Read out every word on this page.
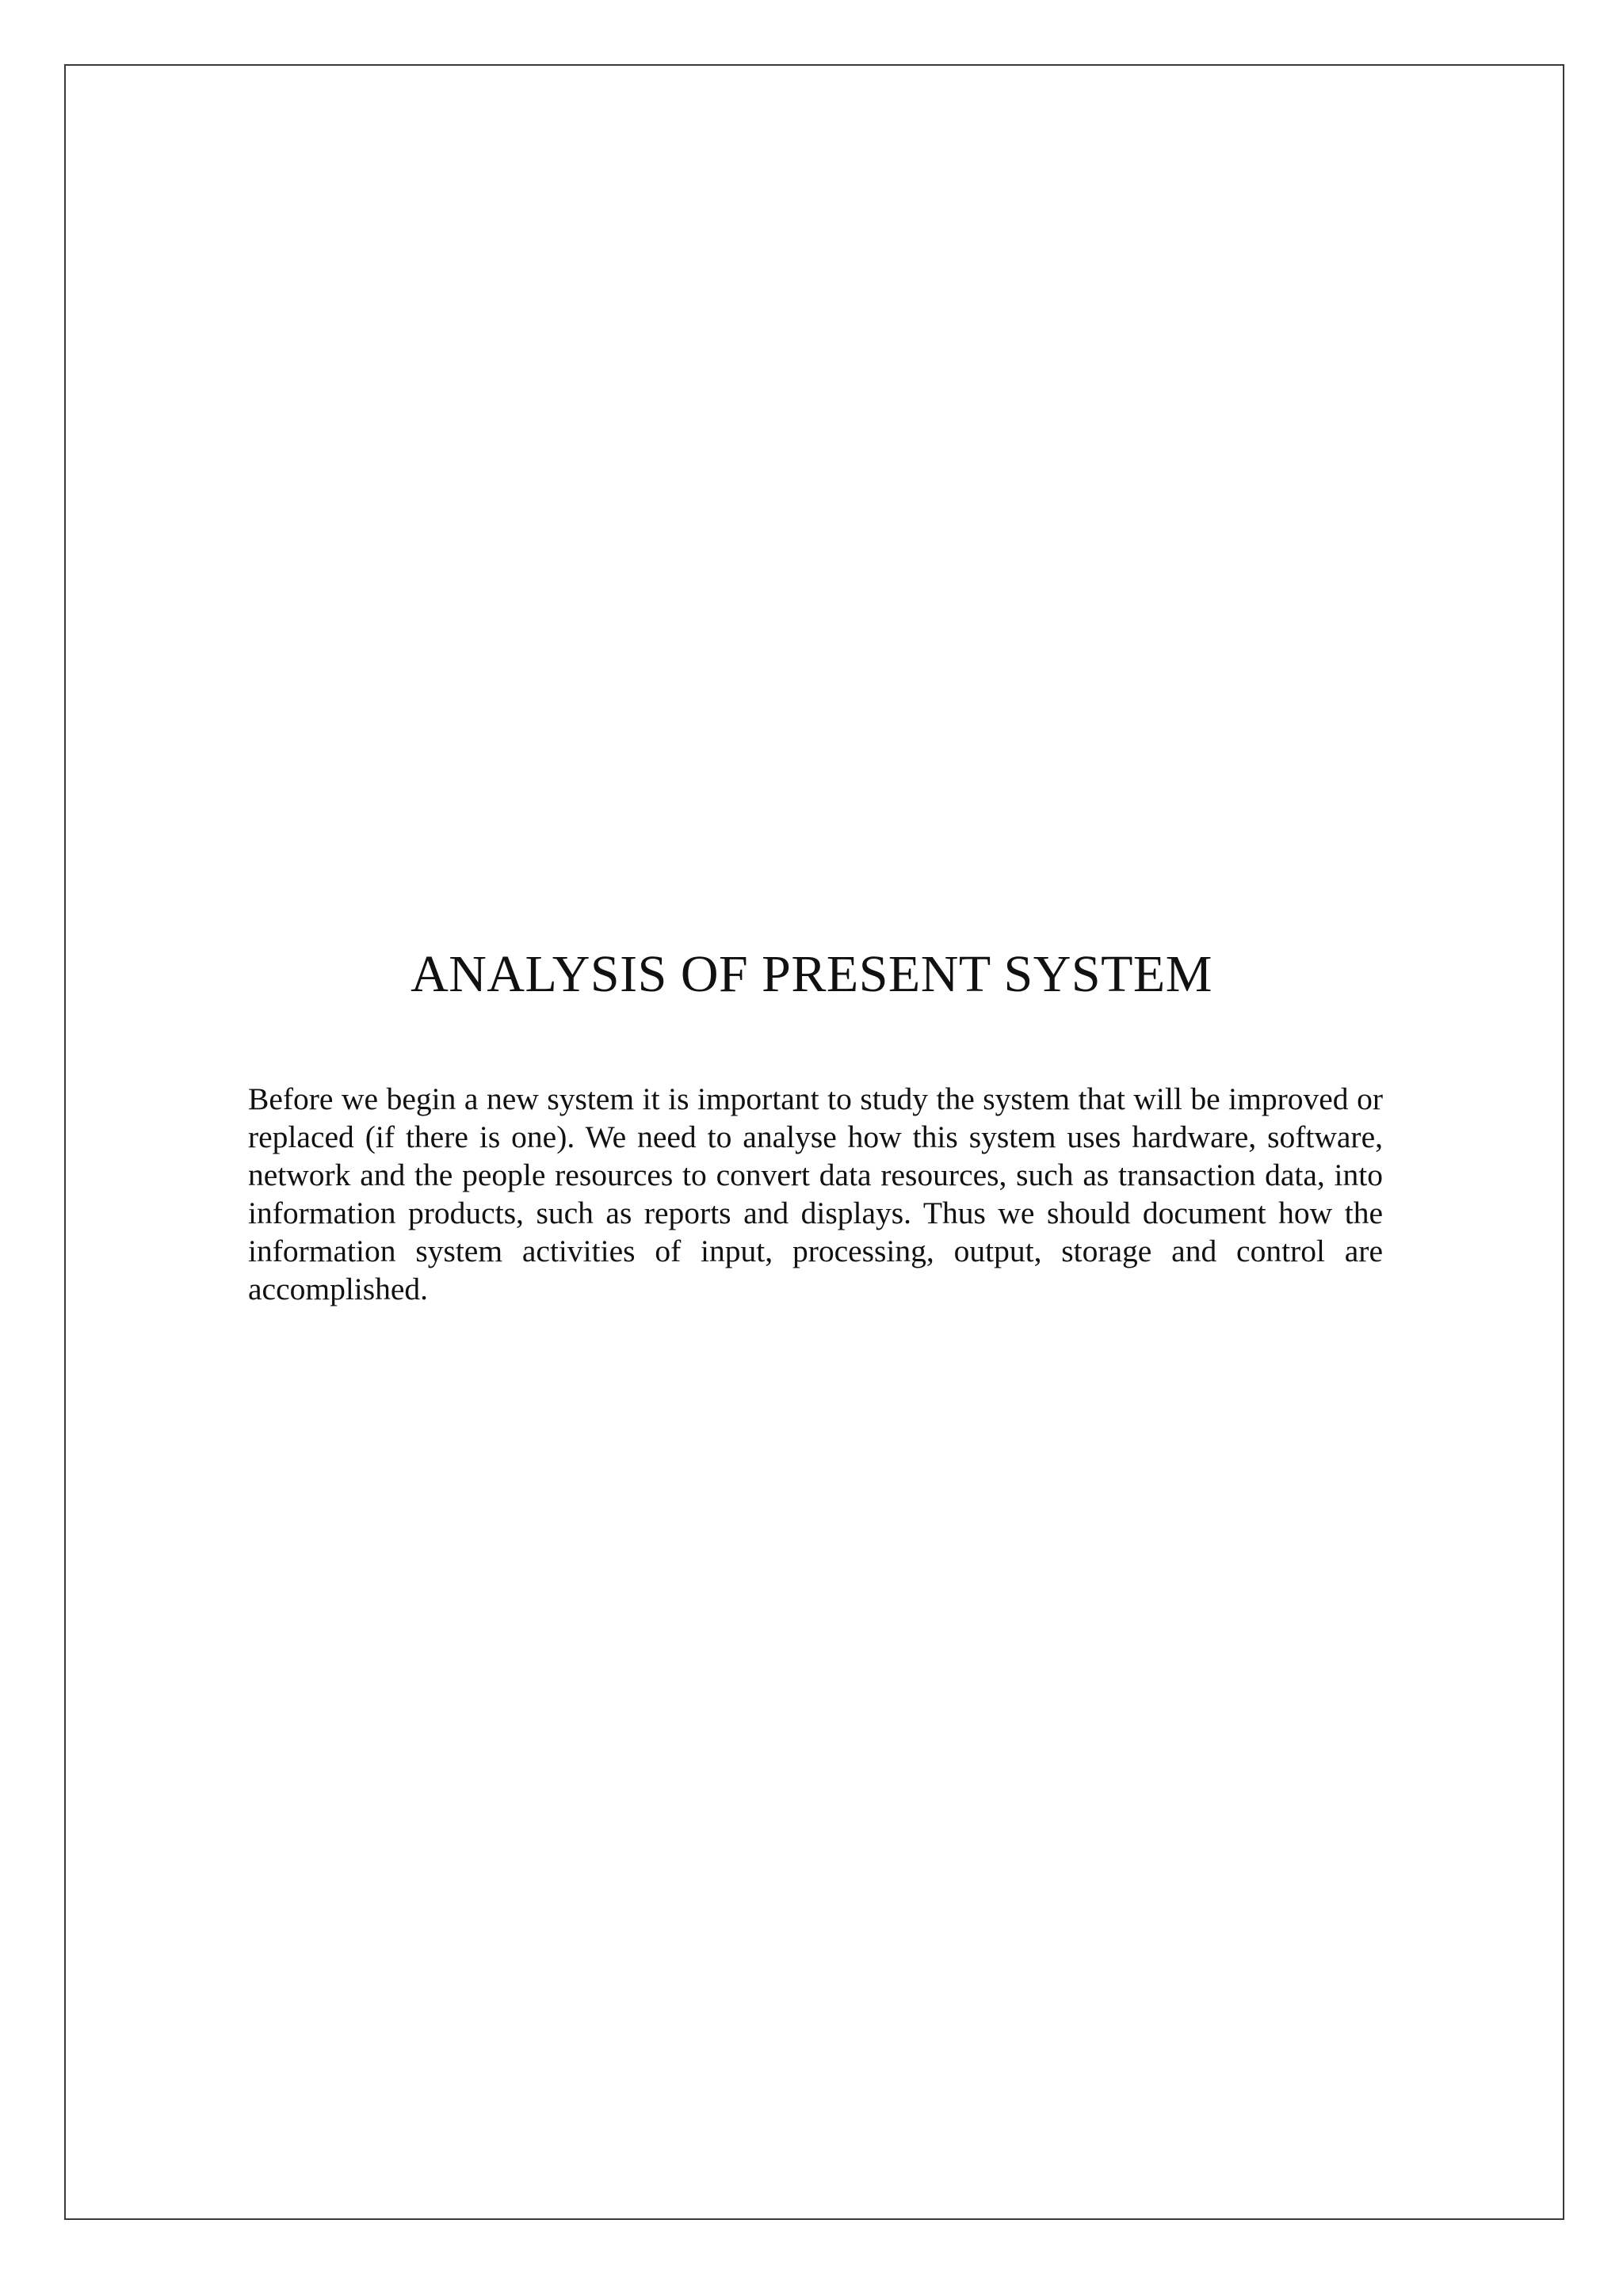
ANALYSIS OF PRESENT SYSTEM

Before we begin a new system it is important to study the system that will be improved or replaced (if there is one). We need to analyse how this system uses hardware, software, network and the people resources to convert data resources, such as transaction data, into information products, such as reports and displays. Thus we should document how the information system activities of input, processing, output, storage and control are accomplished.
